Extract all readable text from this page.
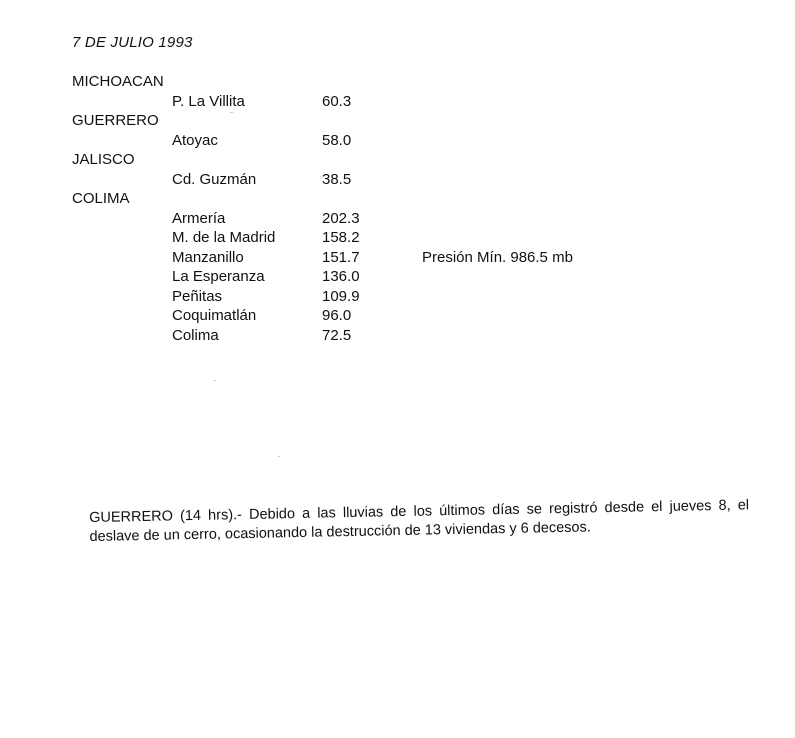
7 DE JULIO 1993
MICHOACAN
P. La Villita	60.3
GUERRERO
Atoyac	58.0
JALISCO
Cd. Guzmán	38.5
COLIMA
Armería	202.3
M. de la Madrid	158.2
Manzanillo	151.7	Presión Mín. 986.5 mb
La Esperanza	136.0
Peñitas	109.9
Coquimatlán	96.0
Colima	72.5
GUERRERO (14 hrs).- Debido a las lluvias de los últimos días se registró desde el jueves 8, el deslave de un cerro, ocasionando la destrucción de 13 viviendas y 6 decesos.
